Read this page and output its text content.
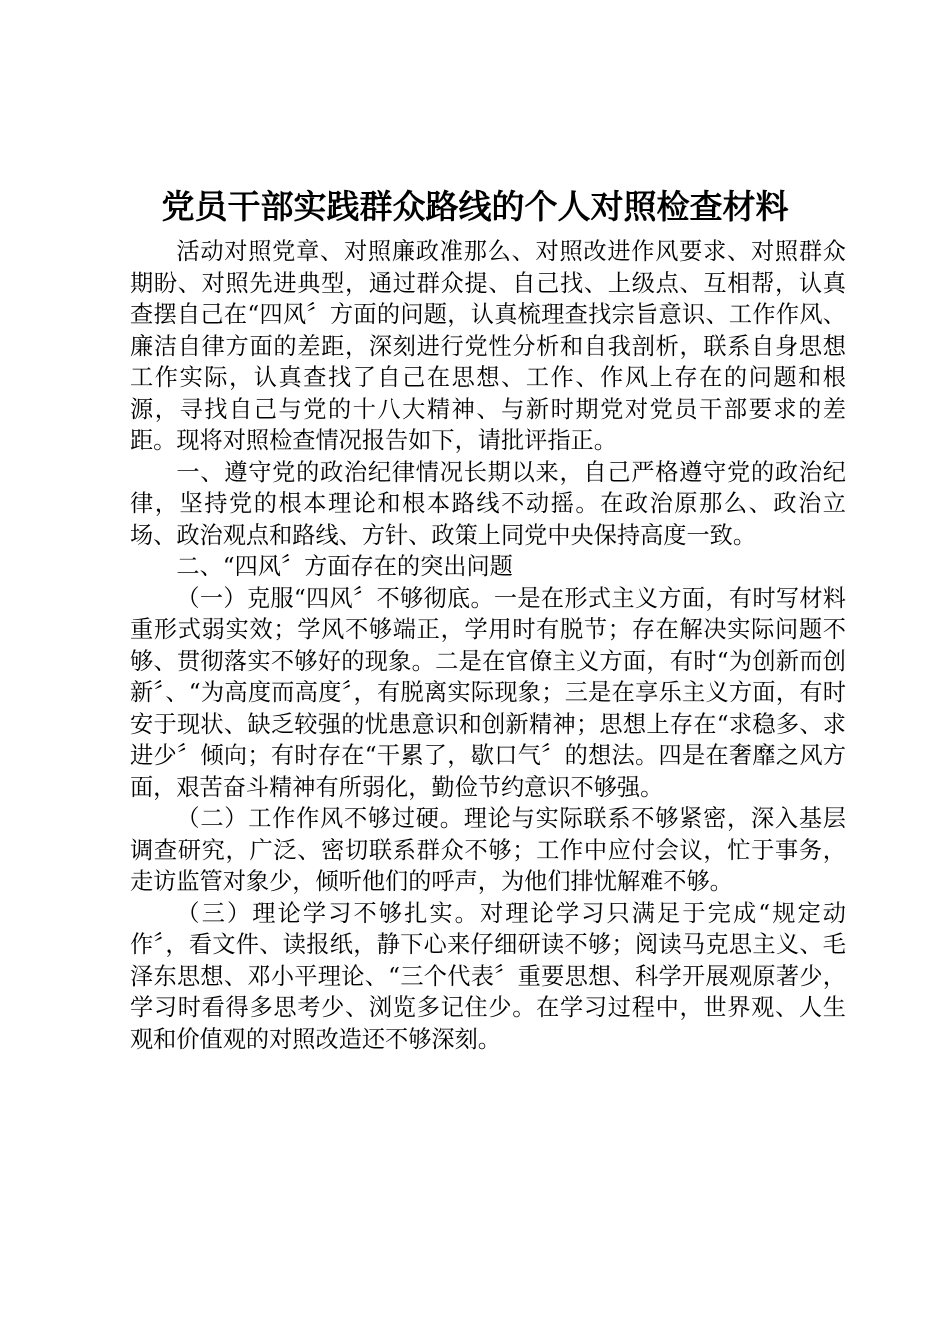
党员干部实践群众路线的个人对照检查材料

活动对照党章、对照廉政准那么、对照改进作风要求、对照群众期盼、对照先进典型，通过群众提、自己找、上级点、互相帮，认真查摆自己在“四风〞方面的问题，认真梳理查找宗旨意识、工作作风、廉洁自律方面的差距，深刻进行党性分析和自我剖析，联系自身思想工作实际，认真查找了自己在思想、工作、作风上存在的问题和根源，寻找自己与党的十八大精神、与新时期党对党员干部要求的差距。现将对照检查情况报告如下，请批评指正。

一、遵守党的政治纪律情况长期以来，自己严格遵守党的政治纪律，坚持党的根本理论和根本路线不动摇。在政治原那么、政治立场、政治观点和路线、方针、政策上同党中央保持高度一致。

二、“四风〞方面存在的突出问题

（一）克服“四风〞不够彻底。一是在形式主义方面，有时写材料重形式弱实效；学风不够端正，学用时有脱节；存在解决实际问题不够、贯彻落实不够好的现象。二是在官僚主义方面，有时“为创新而创新〞、“为高度而高度〞，有脱离实际现象；三是在享乐主义方面，有时安于现状、缺乏较强的忧患意识和创新精神；思想上存在“求稳多、求进少〞倾向；有时存在“干累了，歇口气〞的想法。四是在奢靡之风方面，艰苦奋斗精神有所弱化，勤俭节约意识不够强。

（二）工作作风不够过硬。理论与实际联系不够紧密，深入基层调查研究，广泛、密切联系群众不够；工作中应付会议，忙于事务，走访监管对象少，倾听他们的呼声，为他们排忧解难不够。

（三）理论学习不够扎实。对理论学习只满足于完成“规定动作〞，看文件、读报纸，静下心来仔细研读不够；阅读马克思主义、毛泽东思想、邓小平理论、“三个代表〞重要思想、科学开展观原著少，学习时看得多思考少、浏览多记住少。在学习过程中，世界观、人生观和价值观的对照改造还不够深刻。
